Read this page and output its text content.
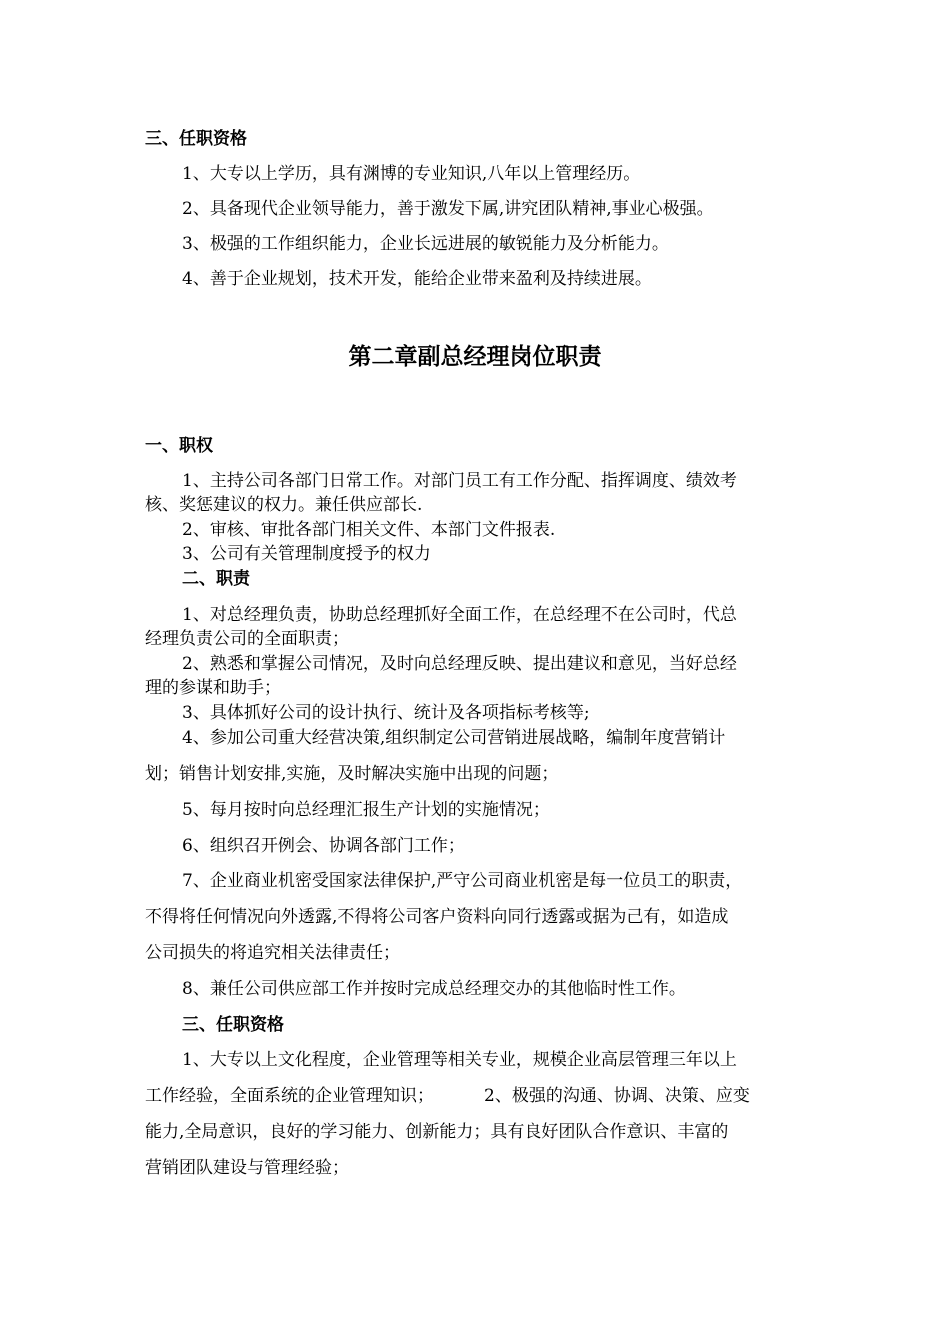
三、任职资格
1、大专以上学历，具有渊博的专业知识,八年以上管理经历。
2、具备现代企业领导能力，善于激发下属,讲究团队精神,事业心极强。
3、极强的工作组织能力，企业长远进展的敏锐能力及分析能力。
4、善于企业规划，技术开发，能给企业带来盈利及持续进展。
第二章副总经理岗位职责
一、职权
1、主持公司各部门日常工作。对部门员工有工作分配、指挥调度、绩效考
核、奖惩建议的权力。兼任供应部长.
2、审核、审批各部门相关文件、本部门文件报表.
3、公司有关管理制度授予的权力
二、职责
1、对总经理负责，协助总经理抓好全面工作，在总经理不在公司时，代总
经理负责公司的全面职责；
2、熟悉和掌握公司情况，及时向总经理反映、提出建议和意见，当好总经
理的参谋和助手；
3、具体抓好公司的设计执行、统计及各项指标考核等;
4、参加公司重大经营决策,组织制定公司营销进展战略，编制年度营销计
划；销售计划安排,实施，及时解决实施中出现的问题；
5、每月按时向总经理汇报生产计划的实施情况；
6、组织召开例会、协调各部门工作；
7、企业商业机密受国家法律保护,严守公司商业机密是每一位员工的职责，
不得将任何情况向外透露,不得将公司客户资料向同行透露或据为己有，如造成
公司损失的将追究相关法律责任；
8、兼任公司供应部工作并按时完成总经理交办的其他临时性工作。
三、任职资格
1、大专以上文化程度，企业管理等相关专业，规模企业高层管理三年以上
工作经验，全面系统的企业管理知识；	2、极强的沟通、协调、决策、应变
能力,全局意识，良好的学习能力、创新能力；具有良好团队合作意识、丰富的
营销团队建设与管理经验；
